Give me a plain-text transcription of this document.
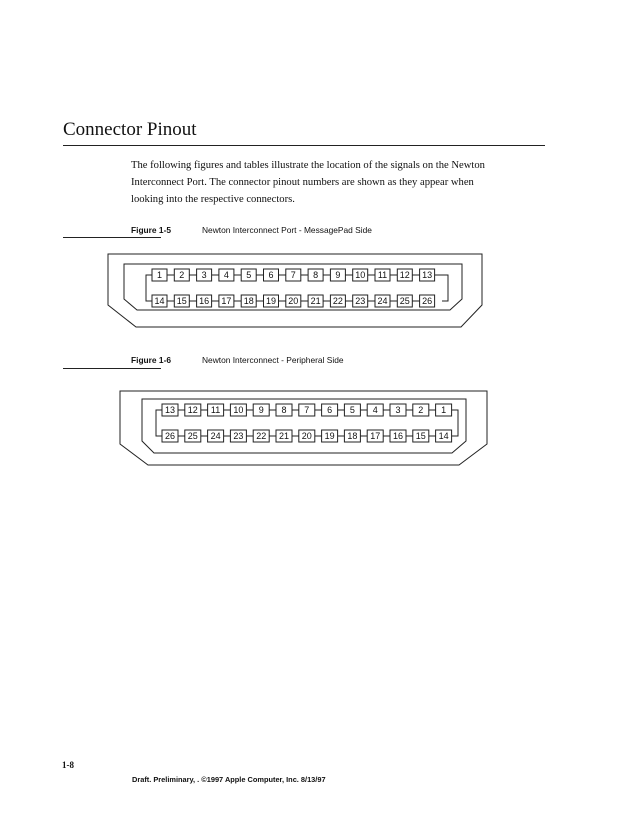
Connector Pinout
The following figures and tables illustrate the location of the signals on the Newton
Interconnect Port. The connector pinout numbers are shown as they appear when
looking into the respective connectors.
Figure 1-5	Newton Interconnect Port - MessagePad Side
1 2 3 4 5 6 7 8 9 10 11 12 13
14 15 16 17 18 19 20 21 22 23 24 25 26
Figure 1-6	Newton Interconnect - Peripheral Side
13 12 11 10 9 8 7 6 5 4 3 2 1
26 25 24 23 22 21 20 19 18 17 16 15 14
1-8
Draft. Preliminary, . ©1997 Apple Computer, Inc. 8/13/97
